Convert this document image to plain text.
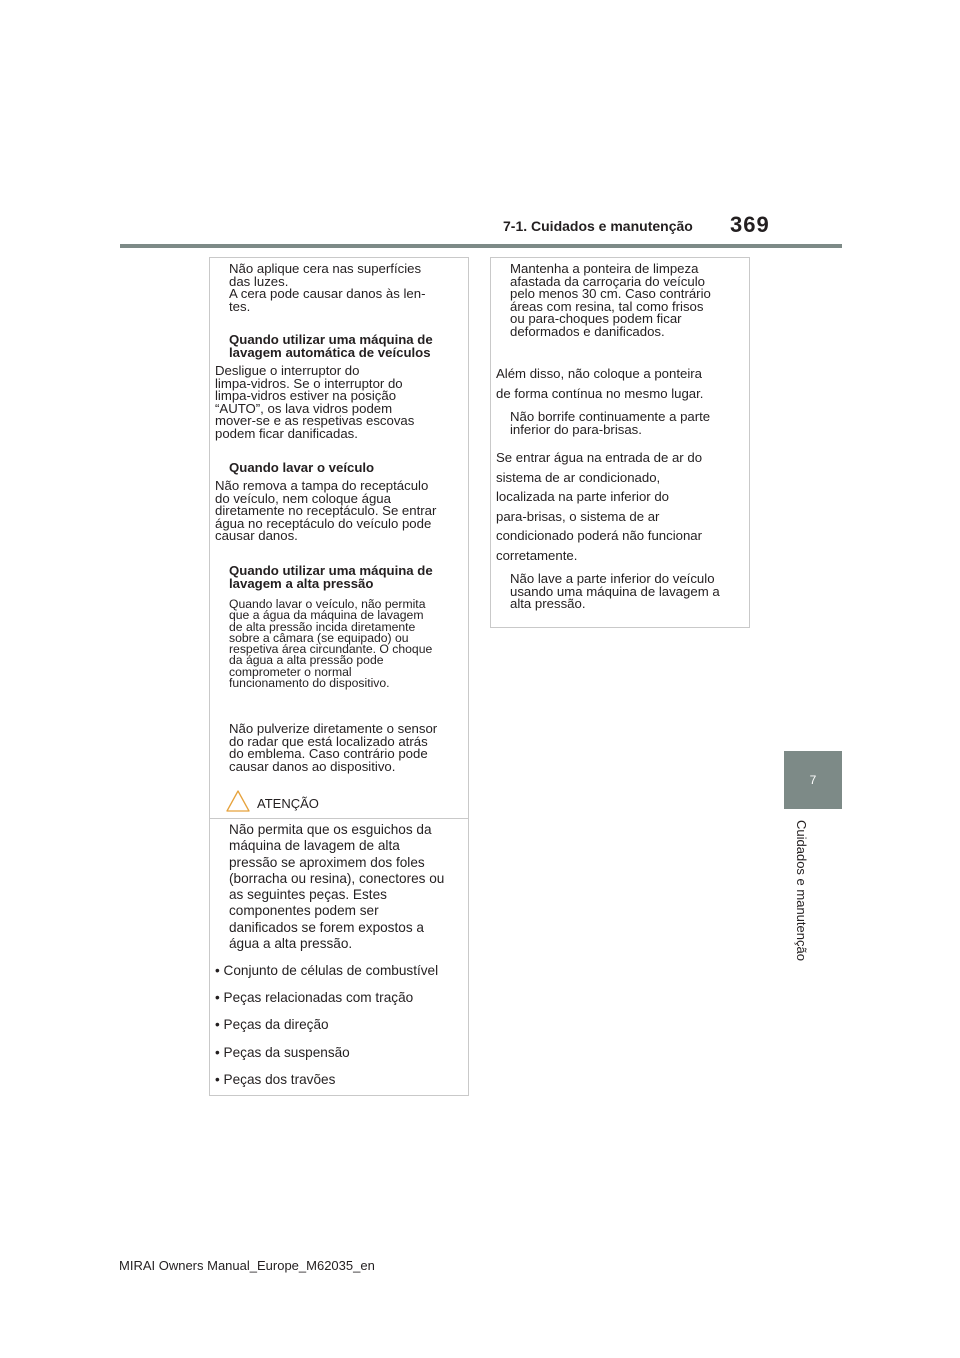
7-1. Cuidados e manutenção 369
7
Cuidados e manutenção
Não aplique cera nas superfícies
das luzes.
A cera pode causar danos às len-
tes.
Quando utilizar uma máquina de
lavagem automática de veículos
Desligue o interruptor do
limpa-vidros. Se o interruptor do
limpa-vidros estiver na posição
“AUTO”, os lava vidros podem
mover-se e as respetivas escovas
podem ficar danificadas.
Quando lavar o veículo
Não remova a tampa do receptáculo
do veículo, nem coloque água
diretamente no receptáculo. Se entrar
água no receptáculo do veículo pode
causar danos.
Quando utilizar uma máquina de
lavagem a alta pressão
Quando lavar o veículo, não permita
que a água da máquina de lavagem
de alta pressão incida diretamente
sobre a câmara (se equipado) ou
respetiva área circundante. O choque
da água a alta pressão pode
comprometer o normal
funcionamento do dispositivo.
Não pulverize diretamente o sensor
do radar que está localizado atrás
do emblema. Caso contrário pode
causar danos ao dispositivo.
ATENÇÃO
Não permita que os esguichos da
máquina de lavagem de alta
pressão se aproximem dos foles
(borracha ou resina), conectores ou
as seguintes peças. Estes
componentes podem ser
danificados se forem expostos a
água a alta pressão.
• Conjunto de células de combustível
• Peças relacionadas com tração
• Peças da direção
• Peças da suspensão
• Peças dos travões
Mantenha a ponteira de limpeza
afastada da carroçaria do veículo
pelo menos 30 cm. Caso contrário
áreas com resina, tal como frisos
ou para-choques podem ficar
deformados e danificados.
Além disso, não coloque a ponteira
de forma contínua no mesmo lugar.
Não borrife continuamente a parte
inferior do para-brisas.
Se entrar água na entrada de ar do
sistema de ar condicionado,
localizada na parte inferior do
para-brisas, o sistema de ar
condicionado poderá não funcionar
corretamente.
Não lave a parte inferior do veículo
usando uma máquina de lavagem a
alta pressão.
MIRAI Owners Manual_Europe_M62035_en
